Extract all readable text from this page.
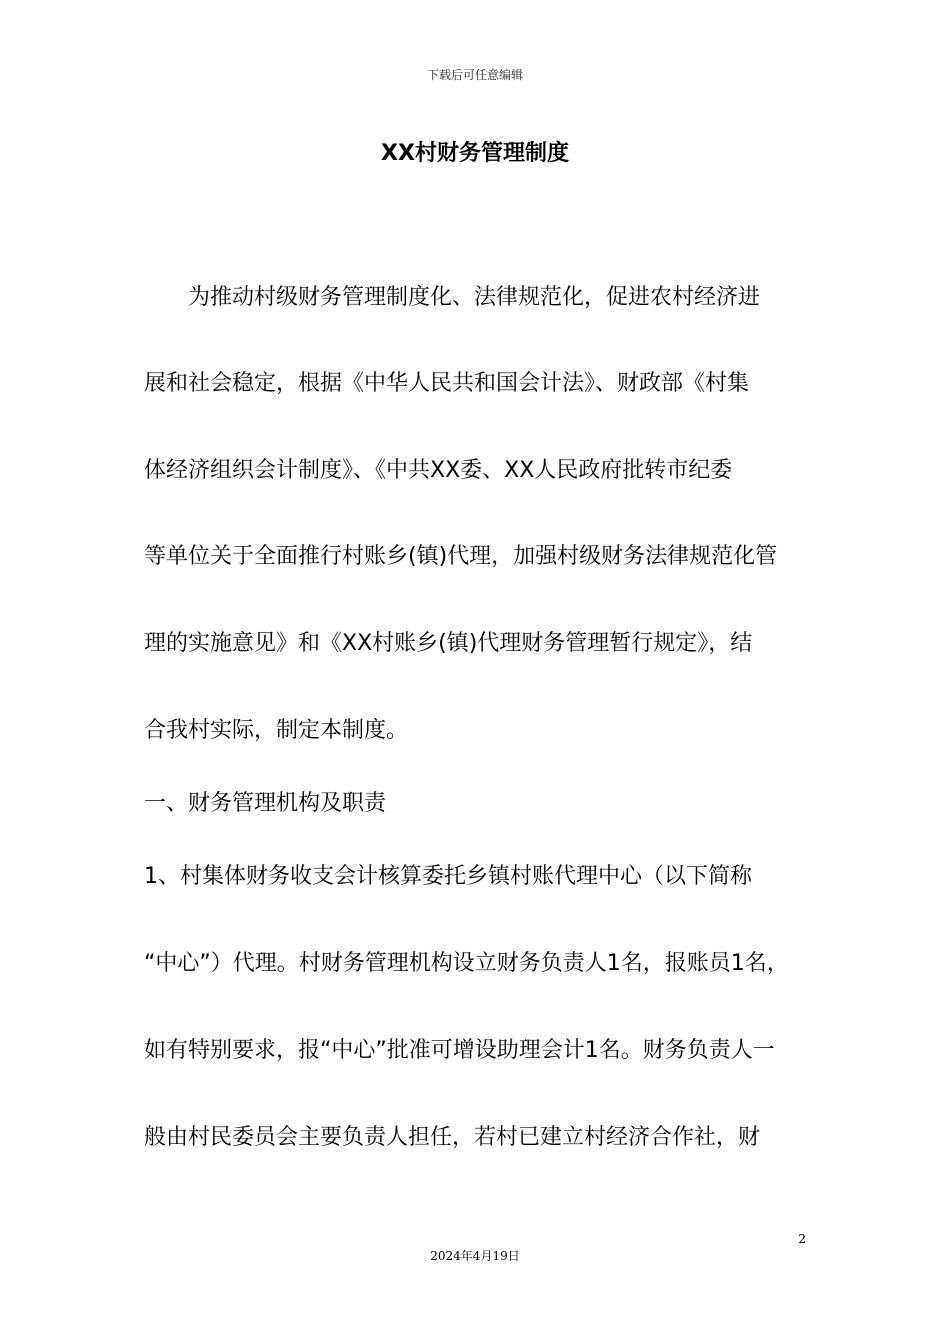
下载后可任意编辑
XX村财务管理制度
为推动村级财务管理制度化、法律规范化，促进农村经济进
展和社会稳定，根据《中华人民共和国会计法》、财政部《村集
体经济组织会计制度》、《中共XX委、XX人民政府批转市纪委
等单位关于全面推行村账乡(镇)代理，加强村级财务法律规范化管
理的实施意见》和《XX村账乡(镇)代理财务管理暂行规定》，结
合我村实际，制定本制度。
一、财务管理机构及职责
1、村集体财务收支会计核算委托乡镇村账代理中心（以下简称
“中心”）代理。村财务管理机构设立财务负责人1名，报账员1名，
如有特别要求，报“中心”批准可增设助理会计1名。财务负责人一
般由村民委员会主要负责人担任，若村已建立村经济合作社，财
2
2024年4月19日
